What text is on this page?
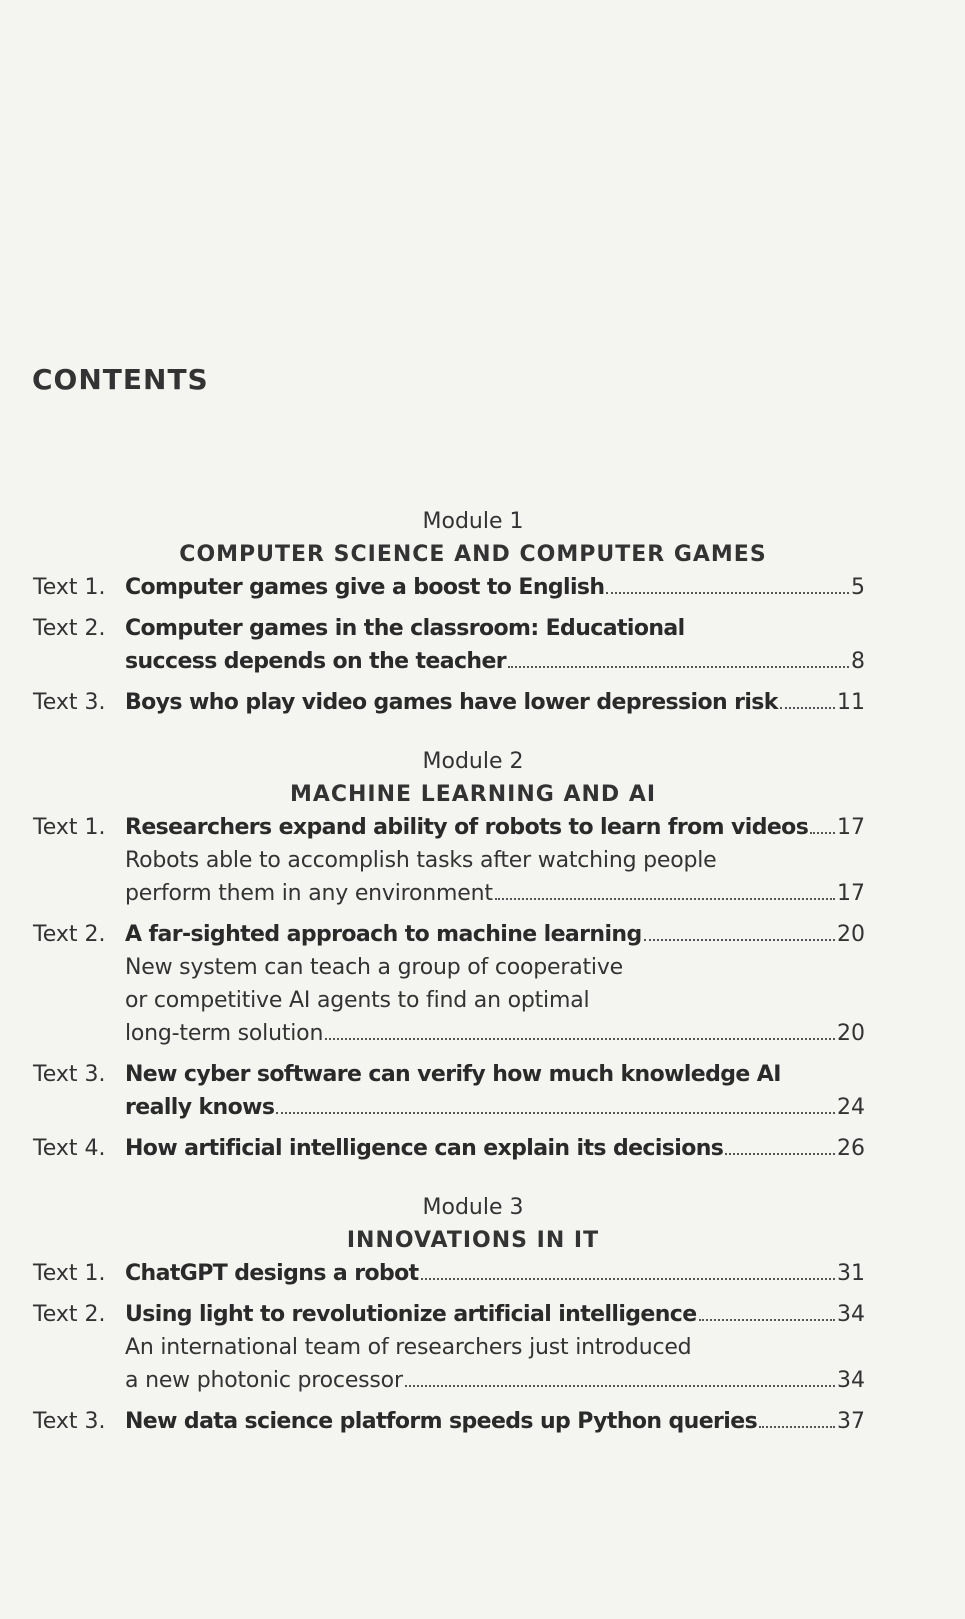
CONTENTS
Module 1
COMPUTER SCIENCE AND COMPUTER GAMES
Text 1. Computer games give a boost to English	5
Text 2. Computer games in the classroom: Educational
success depends on the teacher	8
Text 3. Boys who play video games have lower depression risk	11
Module 2
MACHINE LEARNING AND AI
Text 1. Researchers expand ability of robots to learn from videos 17
Robots able to accomplish tasks after watching people
perform them in any environment	17
Text 2. A far-sighted approach to machine learning	20
New system can teach a group of cooperative
or competitive AI agents to find an optimal
long-term solution	20
Text 3. New cyber software can verify how much knowledge AI
really knows	24
Text 4. How artificial intelligence can explain its decisions	26
Module 3
INNOVATIONS IN IT
Text 1. ChatGPT designs a robot	31
Text 2. Using light to revolutionize artificial intelligence	34
An international team of researchers just introduced
a new photonic processor	34
Text 3. New data science platform speeds up Python queries	37
